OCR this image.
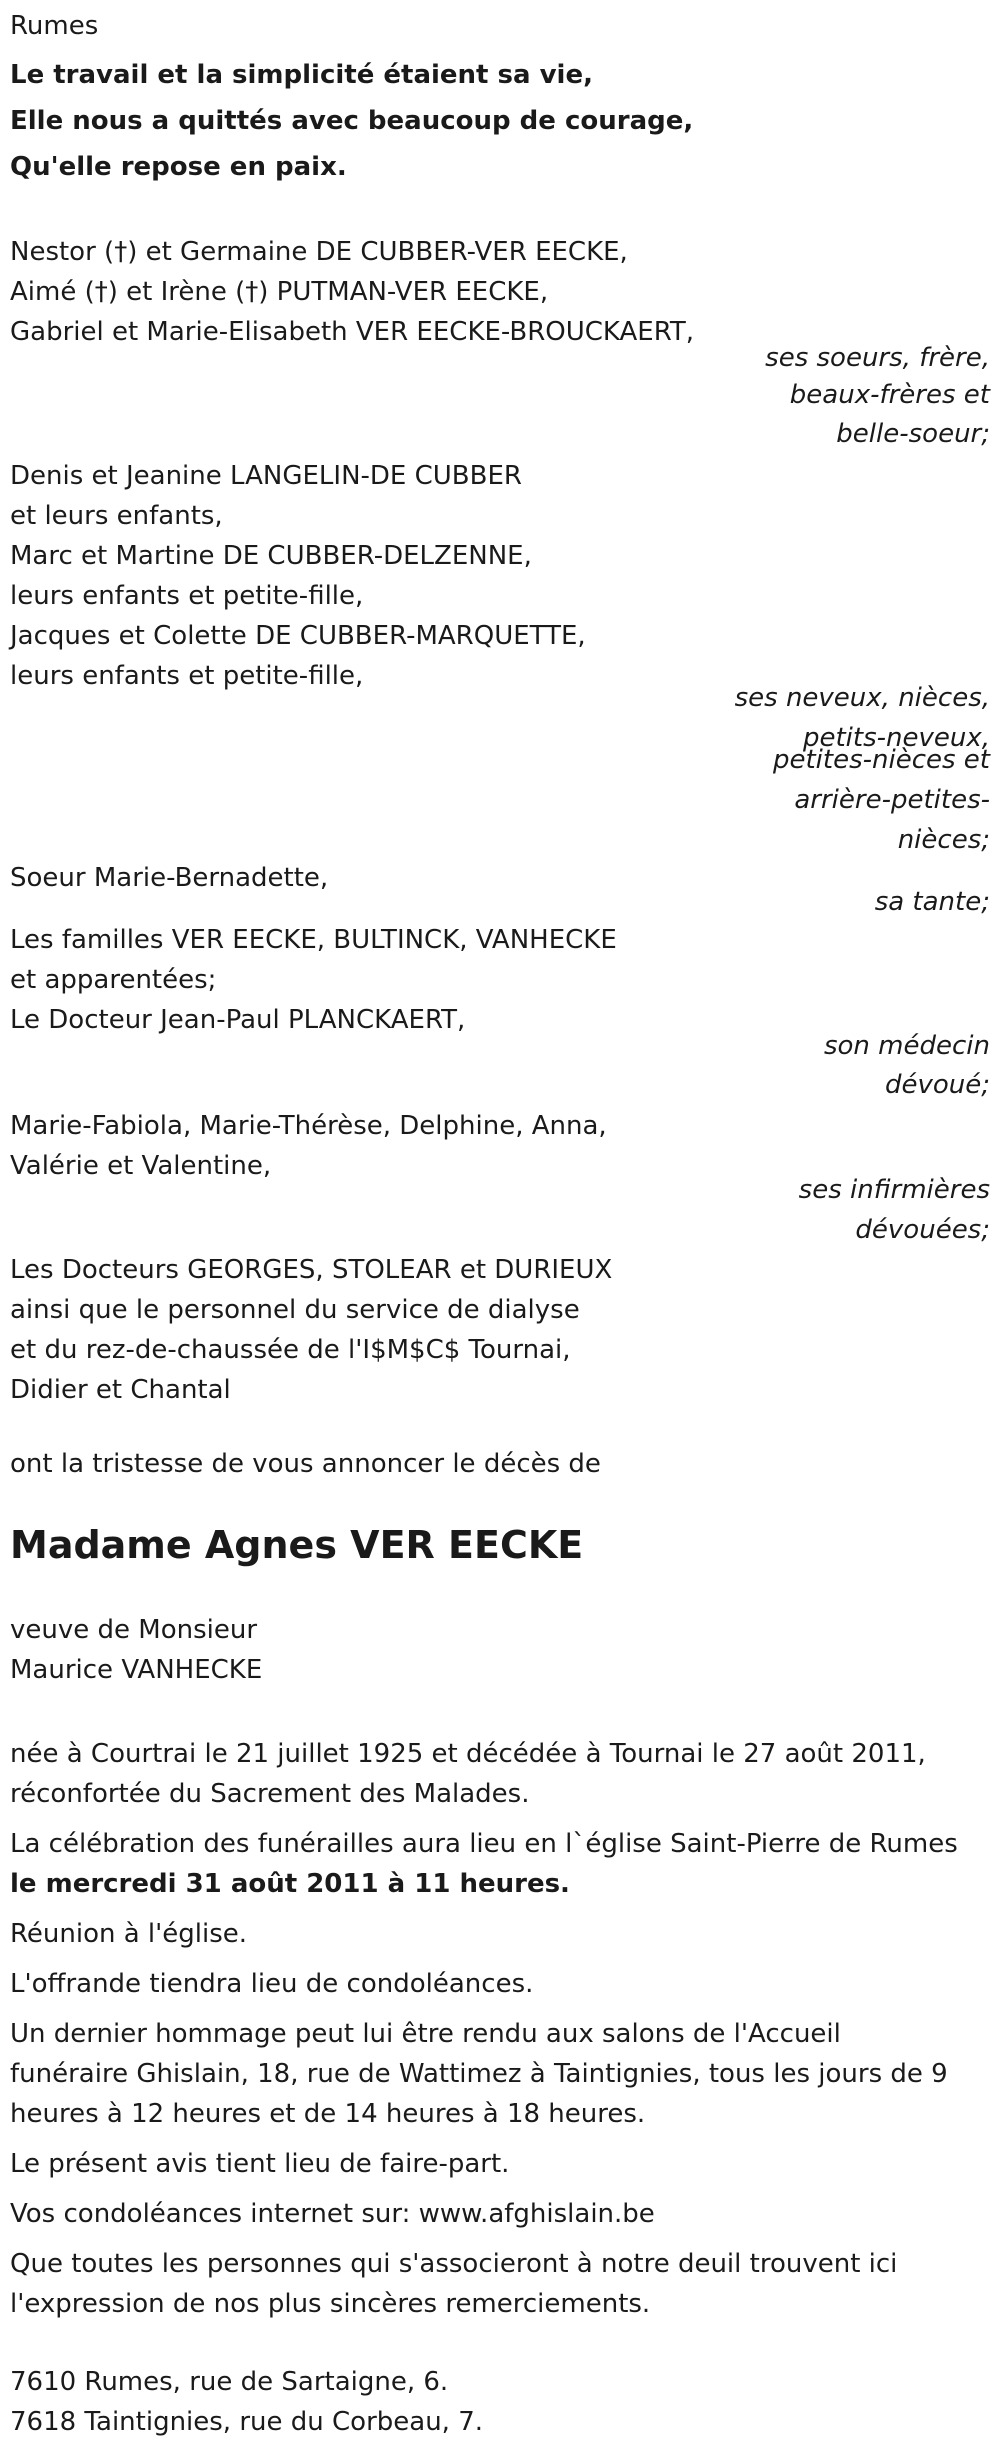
Rumes
Le travail et la simplicité étaient sa vie,
Elle nous a quittés avec beaucoup de courage,
Qu'elle repose en paix.
Nestor (†) et Germaine DE CUBBER-VER EECKE,
Aimé (†) et Irène (†) PUTMAN-VER EECKE,
Gabriel et Marie-Elisabeth VER EECKE-BROUCKAERT,
ses soeurs, frère,
beaux-frères et
belle-soeur;
Denis et Jeanine LANGELIN-DE CUBBER
et leurs enfants,
Marc et Martine DE CUBBER-DELZENNE,
leurs enfants et petite-fille,
Jacques et Colette DE CUBBER-MARQUETTE,
leurs enfants et petite-fille,
ses neveux, nièces,
petits-neveux,
petites-nièces et
arrière-petites-
nièces;
Soeur Marie-Bernadette,
sa tante;
Les familles VER EECKE, BULTINCK, VANHECKE
et apparentées;
Le Docteur Jean-Paul PLANCKAERT,
son médecin
dévoué;
Marie-Fabiola, Marie-Thérèse, Delphine, Anna,
Valérie et Valentine,
ses infirmières
dévouées;
Les Docteurs GEORGES, STOLEAR et DURIEUX
ainsi que le personnel du service de dialyse
et du rez-de-chaussée de l'I$M$C$ Tournai,
Didier et Chantal
ont la tristesse de vous annoncer le décès de
Madame Agnes VER EECKE
veuve de Monsieur
Maurice VANHECKE
née à Courtrai le 21 juillet 1925 et décédée à Tournai le 27 août 2011,
réconfortée du Sacrement des Malades.
La célébration des funérailles aura lieu en l`église Saint-Pierre de Rumes
le mercredi 31 août 2011 à 11 heures.
Réunion à l'église.
L'offrande tiendra lieu de condoléances.
Un dernier hommage peut lui être rendu aux salons de l'Accueil
funéraire Ghislain, 18, rue de Wattimez à Taintignies, tous les jours de 9
heures à 12 heures et de 14 heures à 18 heures.
Le présent avis tient lieu de faire-part.
Vos condoléances internet sur: www.afghislain.be
Que toutes les personnes qui s'associeront à notre deuil trouvent ici
l'expression de nos plus sincères remerciements.
7610 Rumes, rue de Sartaigne, 6.
7618 Taintignies, rue du Corbeau, 7.
